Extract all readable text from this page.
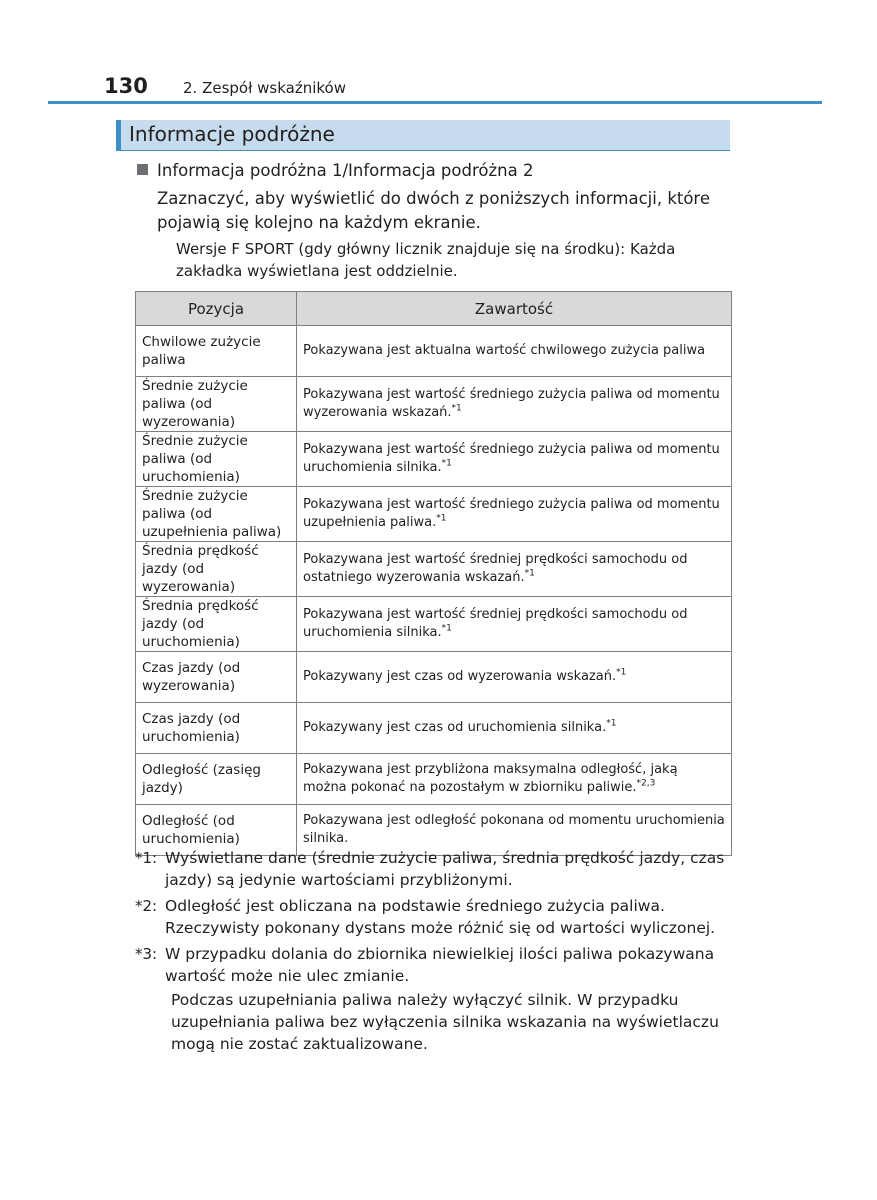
130 2. Zespół wskaźników
Informacje podróżne
Informacja podróżna 1/Informacja podróżna 2
Zaznaczyć, aby wyświetlić do dwóch z poniższych informacji, które pojawią się kolejno na każdym ekranie.
Wersje F SPORT (gdy główny licznik znajduje się na środku): Każda zakładka wyświetlana jest oddzielnie.
Pozycja	Zawartość
Chwilowe zużycie paliwa	Pokazywana jest aktualna wartość chwilowego zużycia paliwa
Średnie zużycie paliwa (od wyzerowania)	Pokazywana jest wartość średniego zużycia paliwa od momentu wyzerowania wskazań.$^{*1}$
Średnie zużycie paliwa (od uruchomienia)	Pokazywana jest wartość średniego zużycia paliwa od momentu uruchomienia silnika.$^{*1}$
Średnie zużycie paliwa (od uzupełnienia paliwa)	Pokazywana jest wartość średniego zużycia paliwa od momentu uzupełnienia paliwa.$^{*1}$
Średnia prędkość jazdy (od wyzerowania)	Pokazywana jest wartość średniej prędkości samochodu od ostatniego wyzerowania wskazań.$^{*1}$
Średnia prędkość jazdy (od uruchomienia)	Pokazywana jest wartość średniej prędkości samochodu od uruchomienia silnika.$^{*1}$
Czas jazdy (od wyzerowania)	Pokazywany jest czas od wyzerowania wskazań.$^{*1}$
Czas jazdy (od uruchomienia)	Pokazywany jest czas od uruchomienia silnika.$^{*1}$
Odległość (zasięg jazdy)	Pokazywana jest przybliżona maksymalna odległość, jaką można pokonać na pozostałym w zbiorniku paliwie.$^{*2,3}$
Odległość (od uruchomienia)	Pokazywana jest odległość pokonana od momentu uruchomienia silnika.
*1: Wyświetlane dane (średnie zużycie paliwa, średnia prędkość jazdy, czas jazdy) są jedynie wartościami przybliżonymi.
*2: Odległość jest obliczana na podstawie średniego zużycia paliwa. Rzeczywisty pokonany dystans może różnić się od wartości wyliczonej.
*3: W przypadku dolania do zbiornika niewielkiej ilości paliwa pokazywana wartość może nie ulec zmianie.
Podczas uzupełniania paliwa należy wyłączyć silnik. W przypadku uzupełniania paliwa bez wyłączenia silnika wskazania na wyświetlaczu mogą nie zostać zaktualizowane.
